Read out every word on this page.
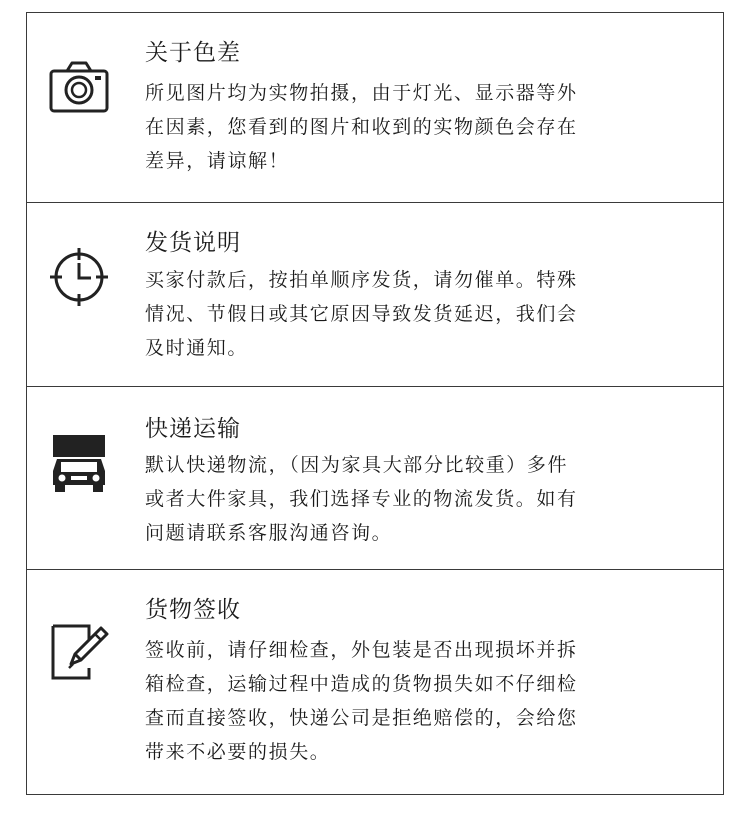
关于色差
所见图片均为实物拍摄，由于灯光、显示器等外
在因素，您看到的图片和收到的实物颜色会存在
差异，请谅解！
发货说明
买家付款后，按拍单顺序发货，请勿催单。特殊
情况、节假日或其它原因导致发货延迟，我们会
及时通知。
快递运输
默认快递物流，（因为家具大部分比较重）多件
或者大件家具，我们选择专业的物流发货。如有
问题请联系客服沟通咨询。
货物签收
签收前，请仔细检查，外包装是否出现损坏并拆
箱检查，运输过程中造成的货物损失如不仔细检
查而直接签收，快递公司是拒绝赔偿的，会给您
带来不必要的损失。
